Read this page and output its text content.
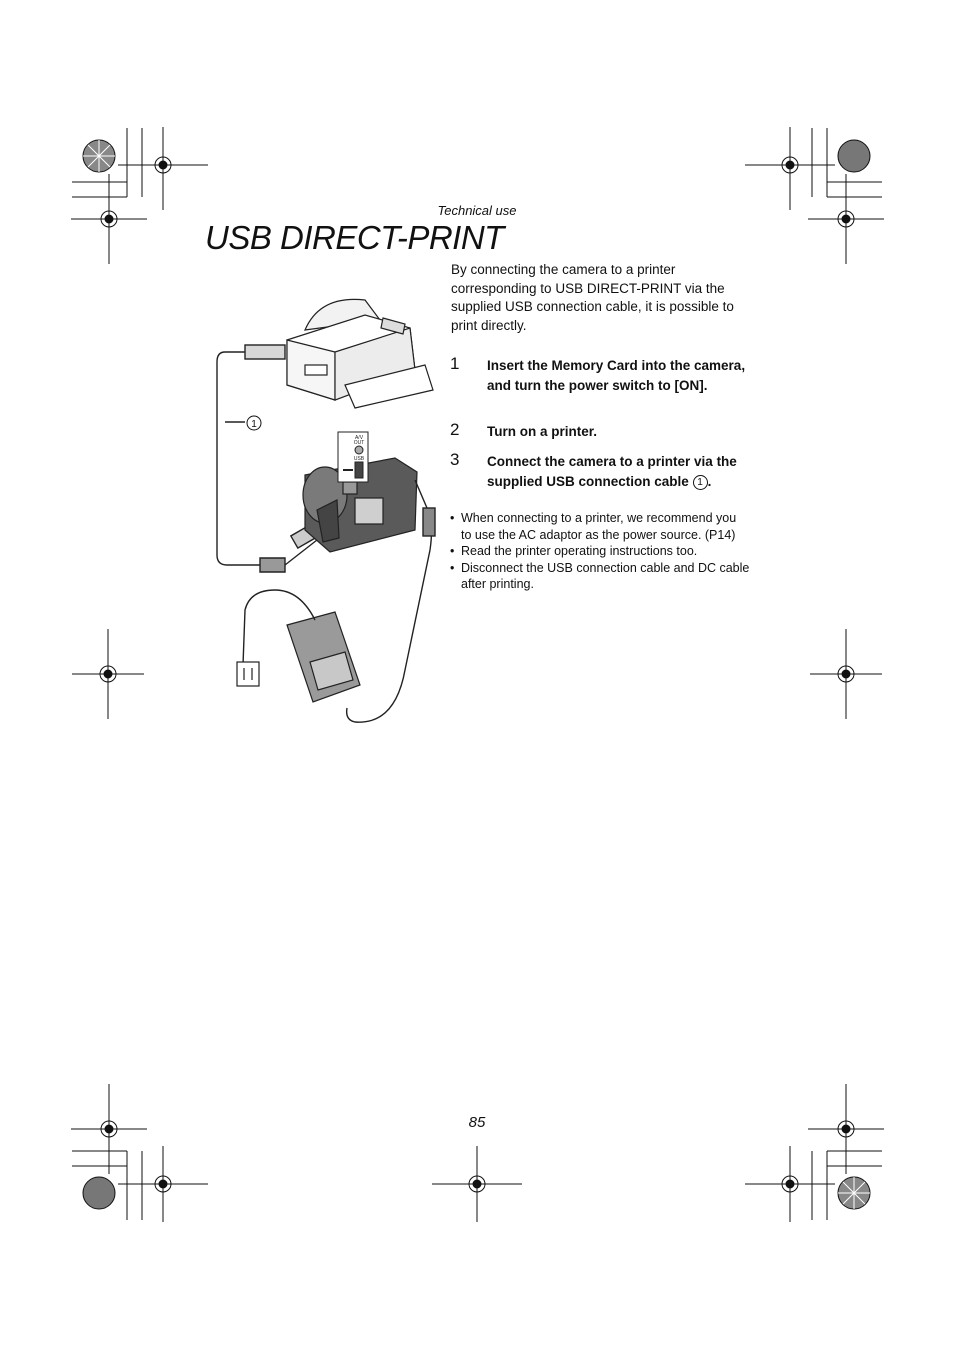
Technical use
USB DIRECT-PRINT
1
A/V
OUT
USB
By connecting the camera to a printer corresponding to USB DIRECT-PRINT via the supplied USB connection cable, it is possible to print directly.
1 Insert the Memory Card into the camera, and turn the power switch to [ON].
2 Turn on a printer.
3 Connect the camera to a printer via the supplied USB connection cable 1 .

• When connecting to a printer, we recommend you to use the AC adaptor as the power source. (P14)

• Read the printer operating instructions too.

• Disconnect the USB connection cable and DC cable after printing.

85
